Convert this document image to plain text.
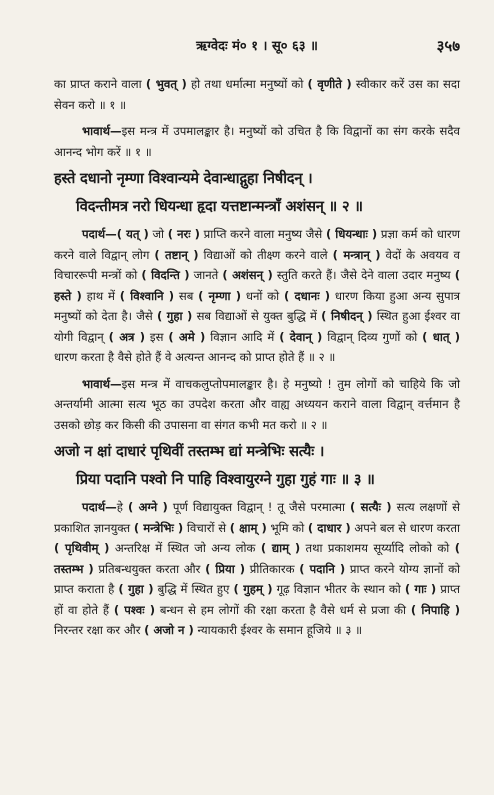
ऋग्वेदः मं० १ । सू० ६३ ॥	३५७

का प्राप्त कराने वाला ( भुवत् ) हो तथा धर्मात्मा मनुष्यों को ( वृणीते ) स्वीकार करें उस का सदा सेवन करो ॥ १ ॥

भावार्थ—इस मन्त्र में उपमालङ्कार है। मनुष्यों को उचित है कि विद्वानों का संग करके सदैव आनन्द भोग करें ॥ १ ॥

हस्ते दधानो नृम्णा विश्वान्यमे देवान्धाद्गुहा निषीदन् ।
विदन्तीमत्र नरो धियन्धा हृदा यत्तष्टान्मन्त्राँ अशंसन् ॥ २ ॥

पदार्थ—( यत् ) जो ( नरः ) प्राप्ति करने वाला मनुष्य जैसे ( धियन्धाः ) प्रज्ञा कर्म को धारण करने वाले विद्वान् लोग ( तष्टान् ) विद्याओं को तीक्ष्ण करने वाले ( मन्त्रान् ) वेदों के अवयव व विचाररूपी मन्त्रों को ( विदन्ति ) जानते ( अशंसन् ) स्तुति करते हैं। जैसे देने वाला उदार मनुष्य ( हस्ते ) हाथ में ( विश्वानि ) सब ( नृम्णा ) धनों को ( दधानः ) धारण किया हुआ अन्य सुपात्र मनुष्यों को देता है। जैसे ( गुहा ) सब विद्याओं से युक्त बुद्धि में ( निषीदन् ) स्थित हुआ ईश्वर वा योगी विद्वान् ( अत्र ) इस ( अमे ) विज्ञान आदि में ( देवान् ) विद्वान् दिव्य गुणों को ( धात् ) धारण करता है वैसे होते हैं वे अत्यन्त आनन्द को प्राप्त होते हैं ॥ २ ॥

भावार्थ—इस मन्त्र में वाचकलुप्तोपमालङ्कार है। हे मनुष्यो ! तुम लोगों को चाहिये कि जो अन्तर्यामी आत्मा सत्य भूठ का उपदेश करता और वाह्य अध्ययन कराने वाला विद्वान् वर्त्तमान है उसको छोड़ कर किसी की उपासना वा संगत कभी मत करो ॥ २ ॥

अजो न क्षां दाधारं पृथिवीं तस्तम्भ द्यां मन्त्रेभिः सत्यैः ।
प्रिया पदानि पश्वो नि पाहि विश्वायुरग्ने गुहा गुहं गाः ॥ ३ ॥

पदार्थ—हे ( अग्ने ) पूर्ण विद्यायुक्त विद्वान् ! तू जैसे परमात्मा ( सत्यैः ) सत्य लक्षणों से प्रकाशित ज्ञानयुक्त ( मन्त्रेभिः ) विचारों से ( क्षाम् ) भूमि को ( दाधार ) अपने बल से धारण करता ( पृथिवीम् ) अन्तरिक्ष में स्थित जो अन्य लोक ( द्याम् ) तथा प्रकाशमय सूर्य्यादि लोको को ( तस्तम्भ ) प्रतिबन्धयुक्त करता और ( प्रिया ) प्रीतिकारक ( पदानि ) प्राप्त करने योग्य ज्ञानों को प्राप्त कराता है ( गुहा ) बुद्धि में स्थित हुए ( गुहम् ) गूढ़ विज्ञान भीतर के स्थान को ( गाः ) प्राप्त हों वा होते हैं ( पश्वः ) बन्धन से हम लोगों की रक्षा करता है वैसे धर्म से प्रजा की ( निपाहि ) निरन्तर रक्षा कर और ( अजो न ) न्यायकारी ईश्वर के समान हूजिये ॥ ३ ॥
